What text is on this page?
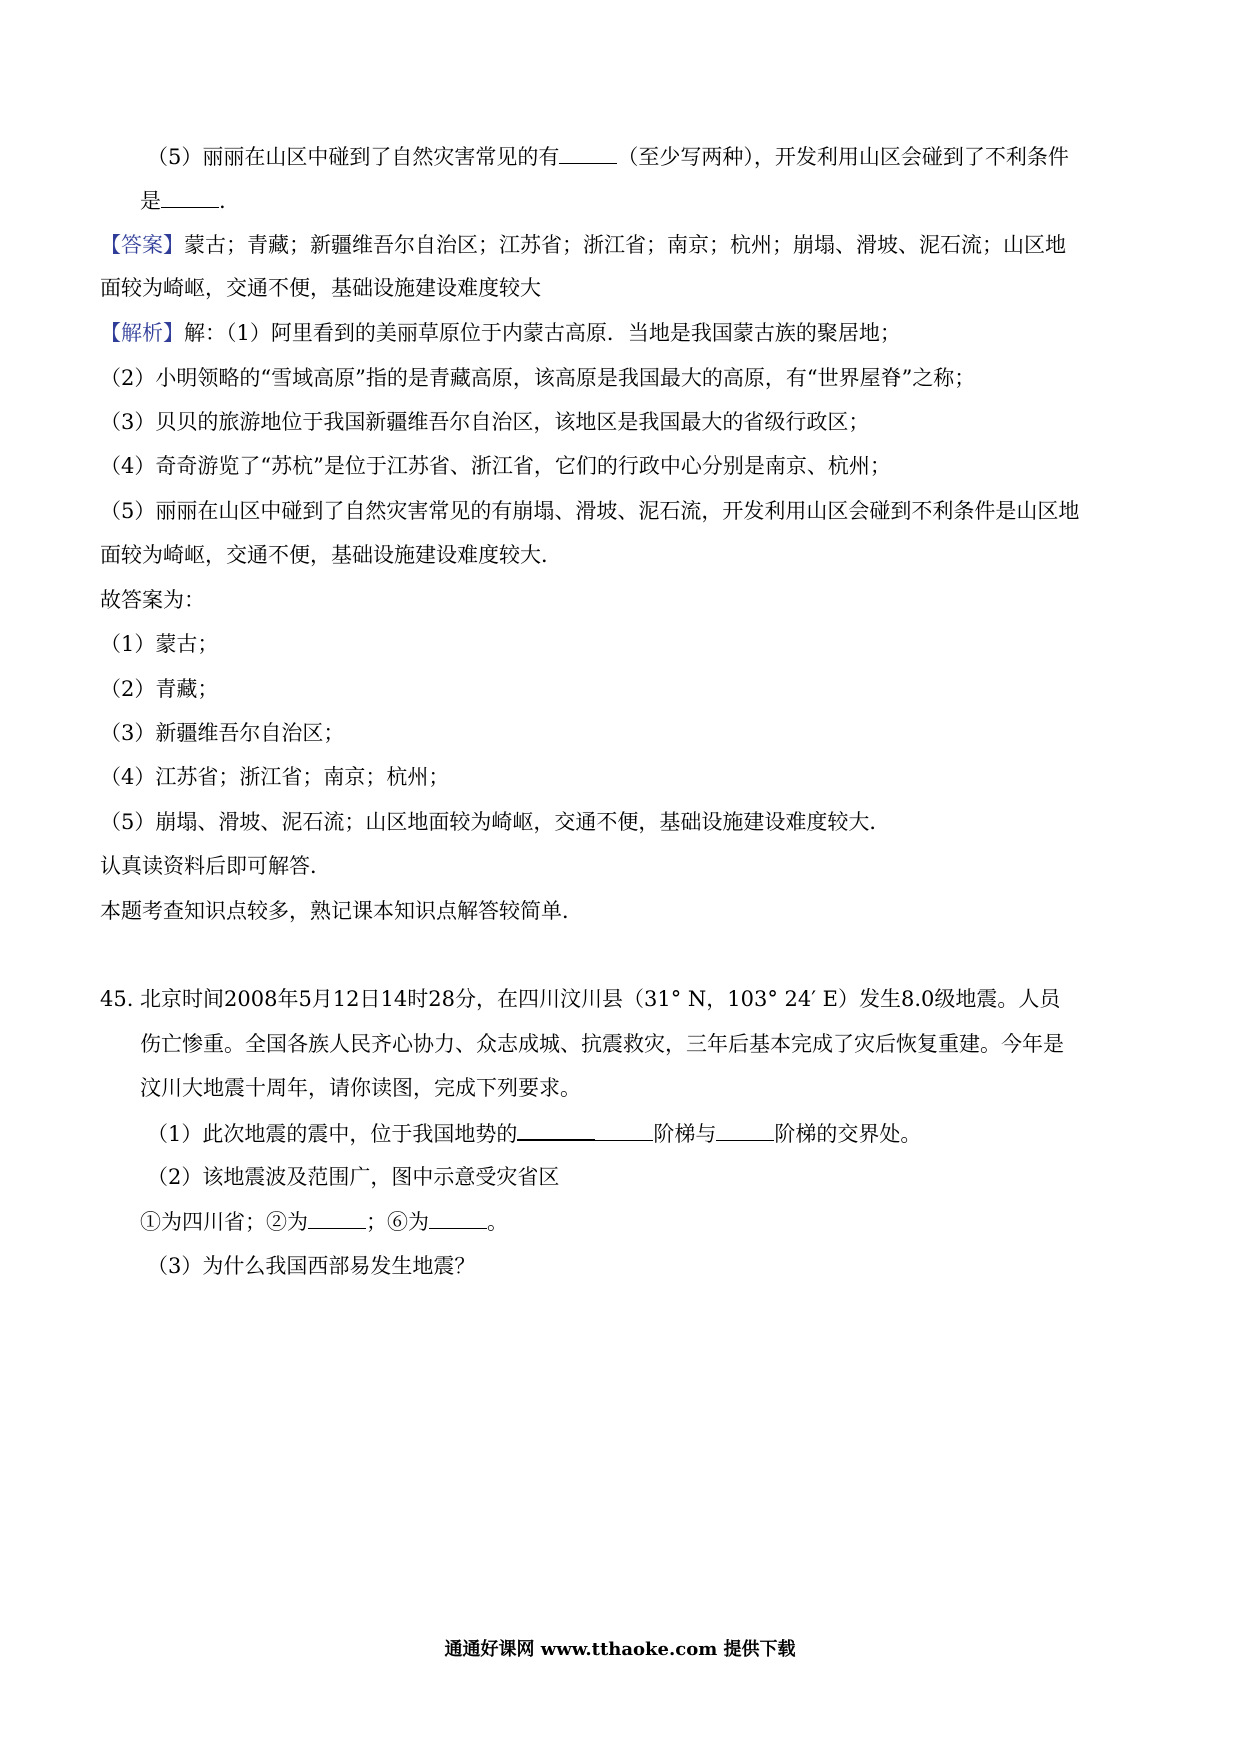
（5）丽丽在山区中碰到了自然灾害常见的有	（至少写两种），开发利用山区会碰到了不利条件
是	.
【答案】蒙古；青藏；新疆维吾尔自治区；江苏省；浙江省；南京；杭州；崩塌、滑坡、泥石流；山区地
面较为崎岖，交通不便，基础设施建设难度较大
【解析】解：（1）阿里看到的美丽草原位于内蒙古高原．当地是我国蒙古族的聚居地；
（2）小明领略的“雪域高原”指的是青藏高原，该高原是我国最大的高原，有“世界屋脊”之称；
（3）贝贝的旅游地位于我国新疆维吾尔自治区，该地区是我国最大的省级行政区；
（4）奇奇游览了“苏杭”是位于江苏省、浙江省，它们的行政中心分别是南京、杭州；
（5）丽丽在山区中碰到了自然灾害常见的有崩塌、滑坡、泥石流，开发利用山区会碰到不利条件是山区地
面较为崎岖，交通不便，基础设施建设难度较大．
故答案为：
（1）蒙古；
（2）青藏；
（3）新疆维吾尔自治区；
（4）江苏省；浙江省；南京；杭州；
（5）崩塌、滑坡、泥石流；山区地面较为崎岖，交通不便，基础设施建设难度较大．
认真读资料后即可解答．
本题考查知识点较多，熟记课本知识点解答较简单．
45. 北京时间2008年5月12日14时28分，在四川汶川县（31° N，103° 24′ E）发生8.0级地震。人员
伤亡惨重。全国各族人民齐心协力、众志成城、抗震救灾，三年后基本完成了灾后恢复重建。今年是
汶川大地震十周年，请你读图，完成下列要求。
（1）此次地震的震中，位于我国地势的	阶梯与	阶梯的交界处。
（2）该地震波及范围广，图中示意受灾省区
①为四川省；②为	；⑥为	。
（3）为什么我国西部易发生地震？
通通好课网 www.tthaoke.com 提供下载
